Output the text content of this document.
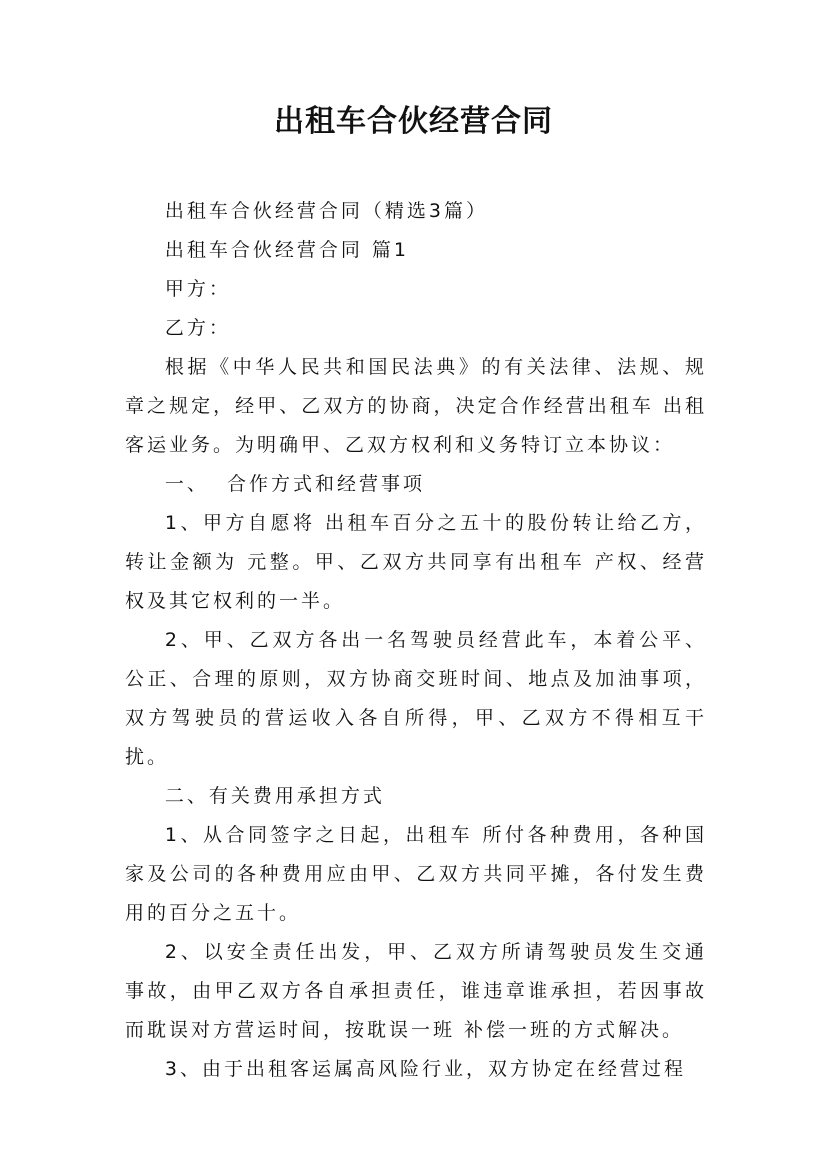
出租车合伙经营合同

出租车合伙经营合同（精选3篇）

出租车合伙经营合同 篇1

甲方：

乙方：

根据《中华人民共和国民法典》的有关法律、法规、规章之规定，经甲、乙双方的协商，决定合作经营出租车 出租客运业务。为明确甲、乙双方权利和义务特订立本协议：

一、  合作方式和经营事项

1、甲方自愿将 出租车百分之五十的股份转让给乙方，转让金额为 元整。甲、乙双方共同享有出租车 产权、经营权及其它权利的一半。

2、甲、乙双方各出一名驾驶员经营此车，本着公平、公正、合理的原则，双方协商交班时间、地点及加油事项，双方驾驶员的营运收入各自所得，甲、乙双方不得相互干扰。

二、有关费用承担方式

1、从合同签字之日起，出租车 所付各种费用，各种国家及公司的各种费用应由甲、乙双方共同平摊，各付发生费用的百分之五十。

2、以安全责任出发，甲、乙双方所请驾驶员发生交通事故，由甲乙双方各自承担责任，谁违章谁承担，若因事故而耽误对方营运时间，按耽误一班 补偿一班的方式解决。

3、由于出租客运属高风险行业，双方协定在经营过程
